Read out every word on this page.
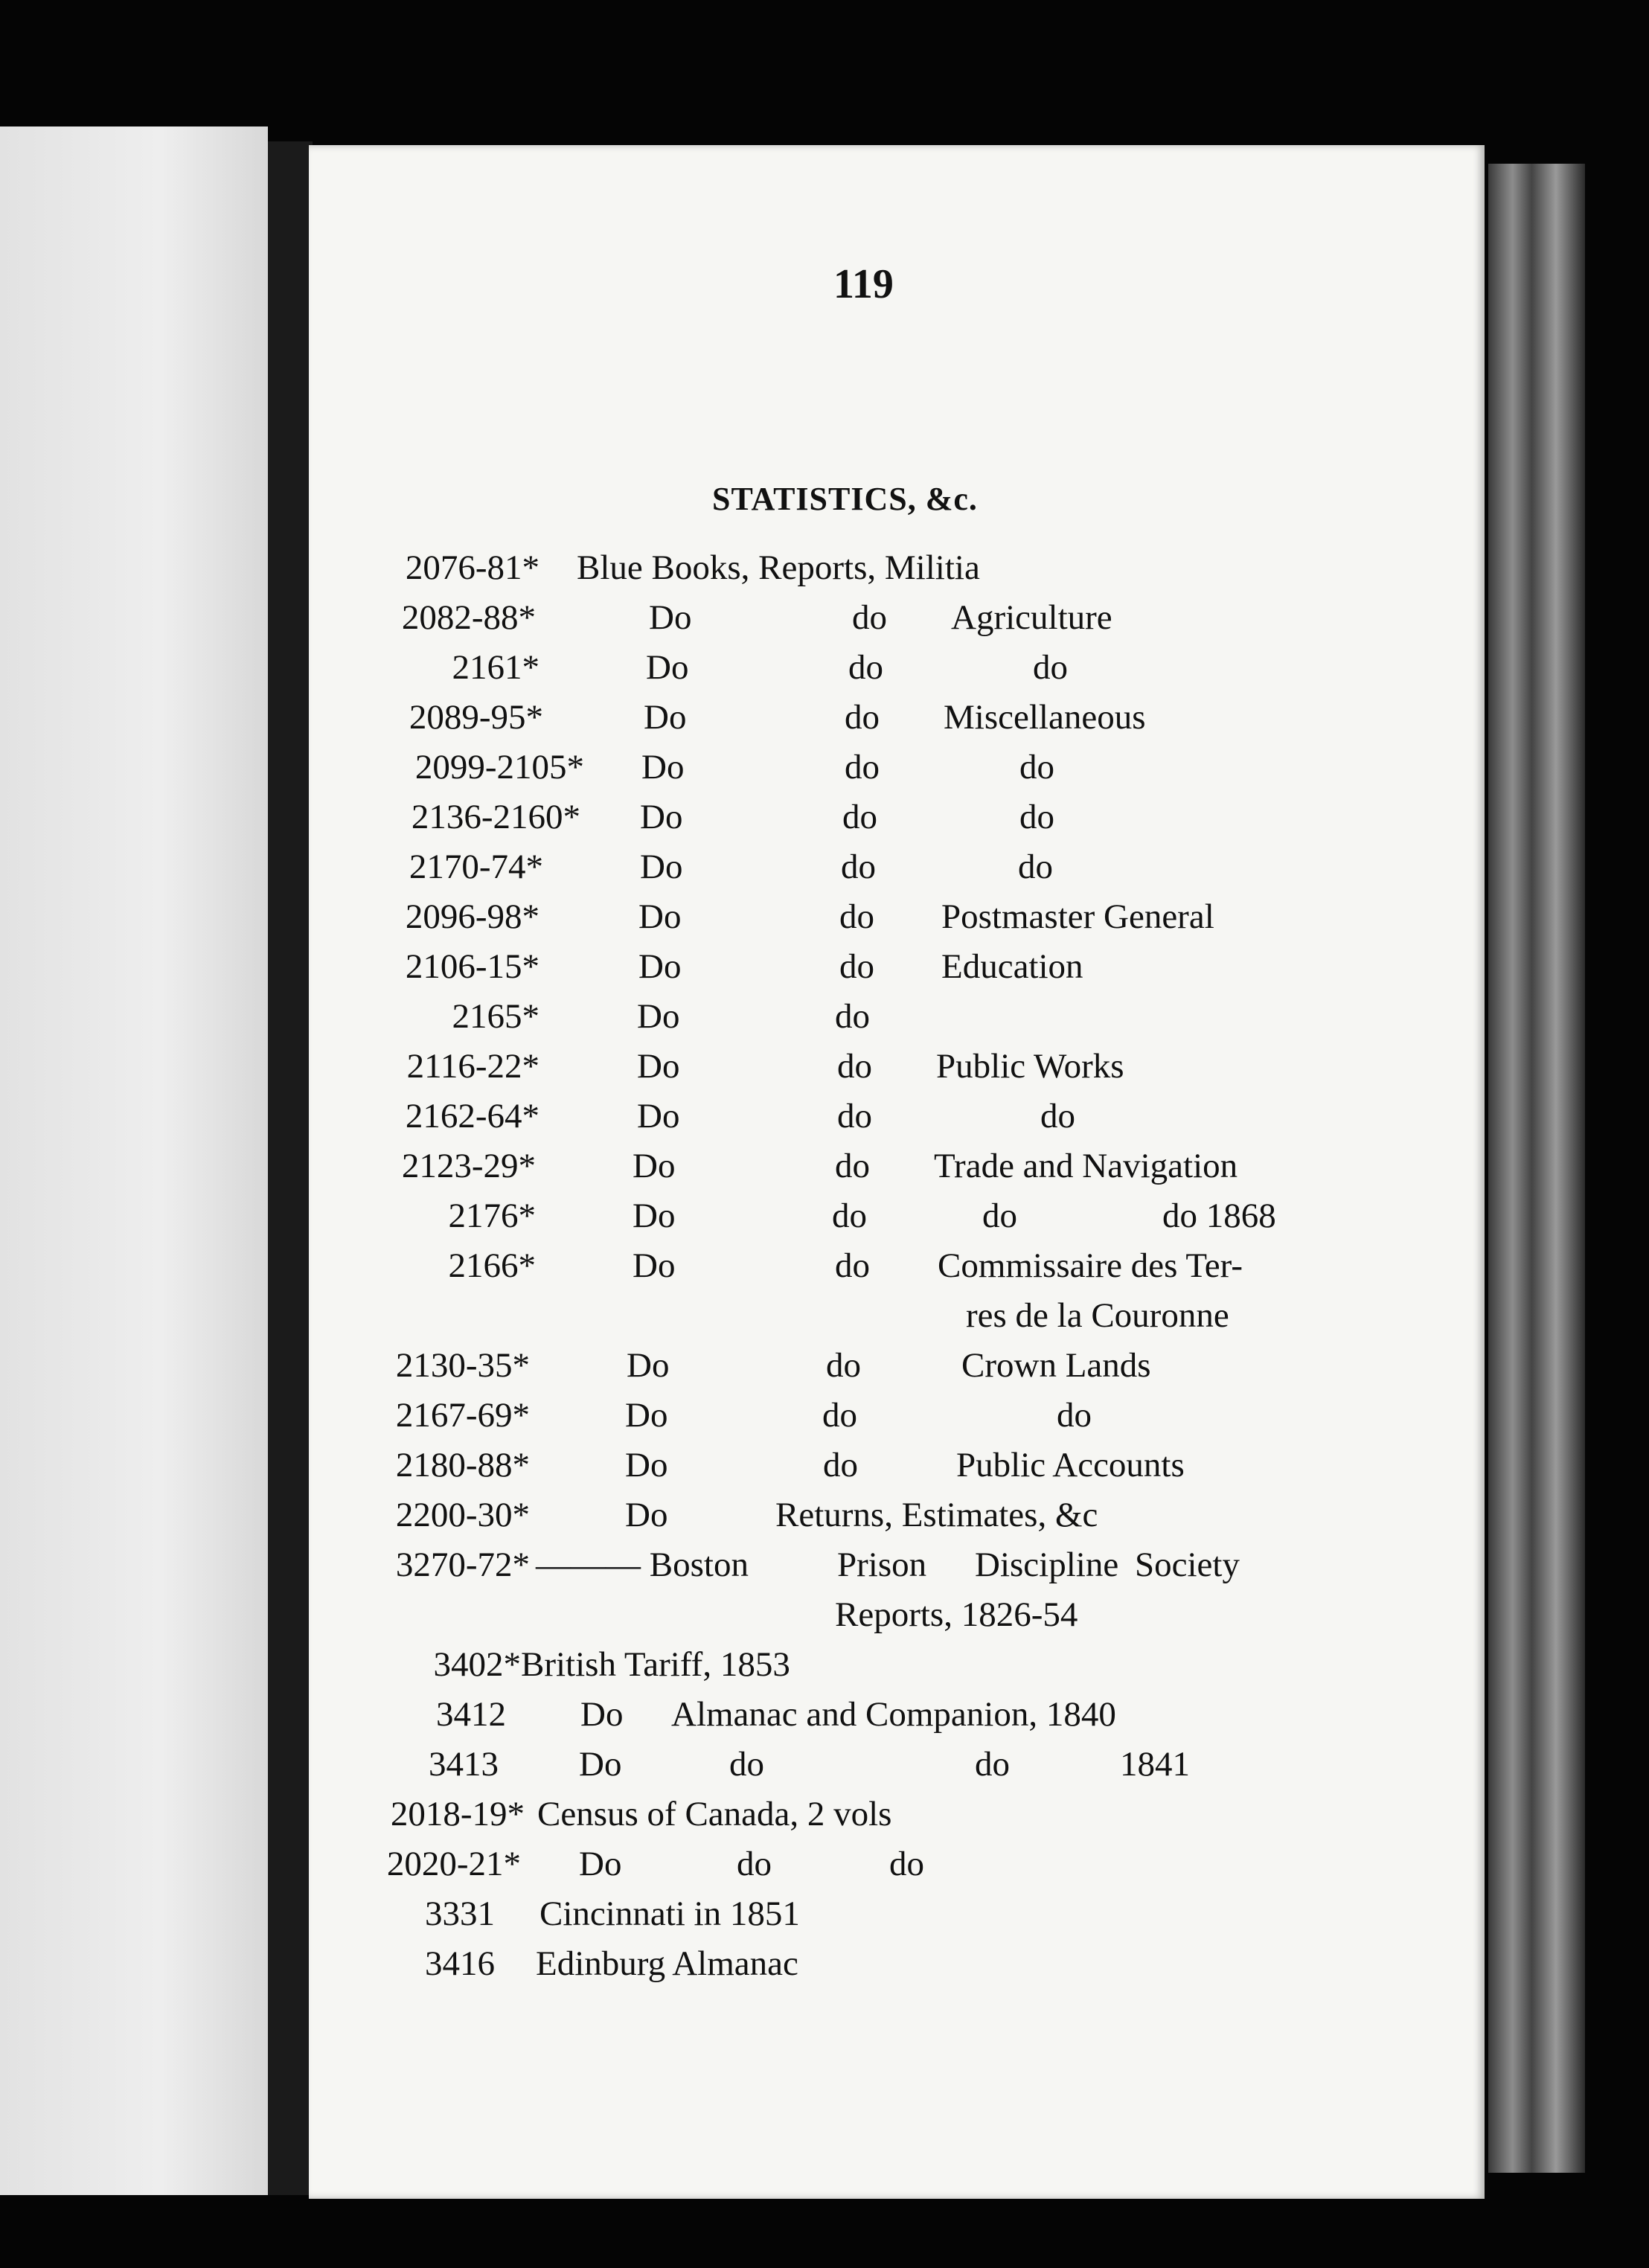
119
STATISTICS, &c.
2076-81* Blue Books, Reports, Militia
2082-88*	Do	do Agriculture
2161*	Do	do	do
2089-95*	Do	do Miscellaneous
2099-2105* Do	do	do
2136-2160* Do	do	do
2170-74*	Do	do	do
2096-98*	Do	do Postmaster General
2106-15*	Do	do Education
2165*	Do	do
2116-22*	Do	do Public Works
2162-64*	Do	do	do
2123-29*	Do	do Trade and Navigation
2176*	Do	do	do	do 1868
2166*	Do	do Commissaire des Ter-
res de la Couronne
2130-35*	Do	do	Crown Lands
2167-69*	Do	do	do
2180-88*	Do	do	Public Accounts
2200-30*	Do	Returns, Estimates, &c
3270-72* ——— Boston	Prison Discipline Society
Reports, 1826-54
3402* British Tariff, 1853
3412 Do Almanac and Companion, 1840
3413 Do	do	do	1841
2018-19* Census of Canada, 2 vols
2020-21* Do	do	do
3331 Cincinnati in 1851
3416 Edinburg Almanac
